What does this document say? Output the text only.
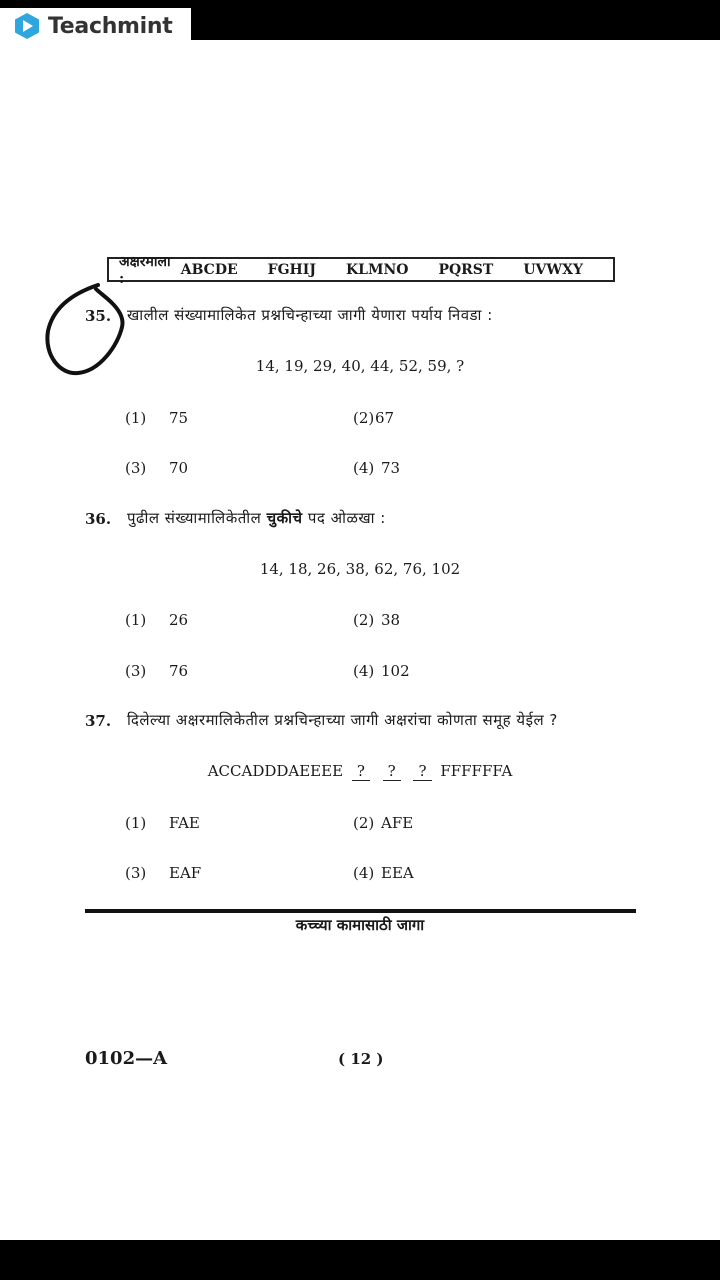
Teachmint
अक्षरमाला :
ABCDE FGHIJ KLMNO PQRST UVWXY
35. खालील संख्यामालिकेत प्रश्नचिन्हाच्या जागी येणारा पर्याय निवडा :
14, 19, 29, 40, 44, 52, 59, ?
(1) 75	(2)67
(3) 70	(4) 73
36. पुढील संख्यामालिकेतील चुकीचे पद ओळखा :
14, 18, 26, 38, 62, 76, 102
(1) 26	(2) 38
(3) 76	(4) 102
37. दिलेल्या अक्षरमालिकेतील प्रश्नचिन्हाच्या जागी अक्षरांचा कोणता समूह येईल ?
ACCADDDAEEEE ? ? ? FFFFFFA
(1) FAE	(2) AFE
(3) EAF	(4) EEA
कच्च्या कामासाठी जागा
0102—A	( 12 )
